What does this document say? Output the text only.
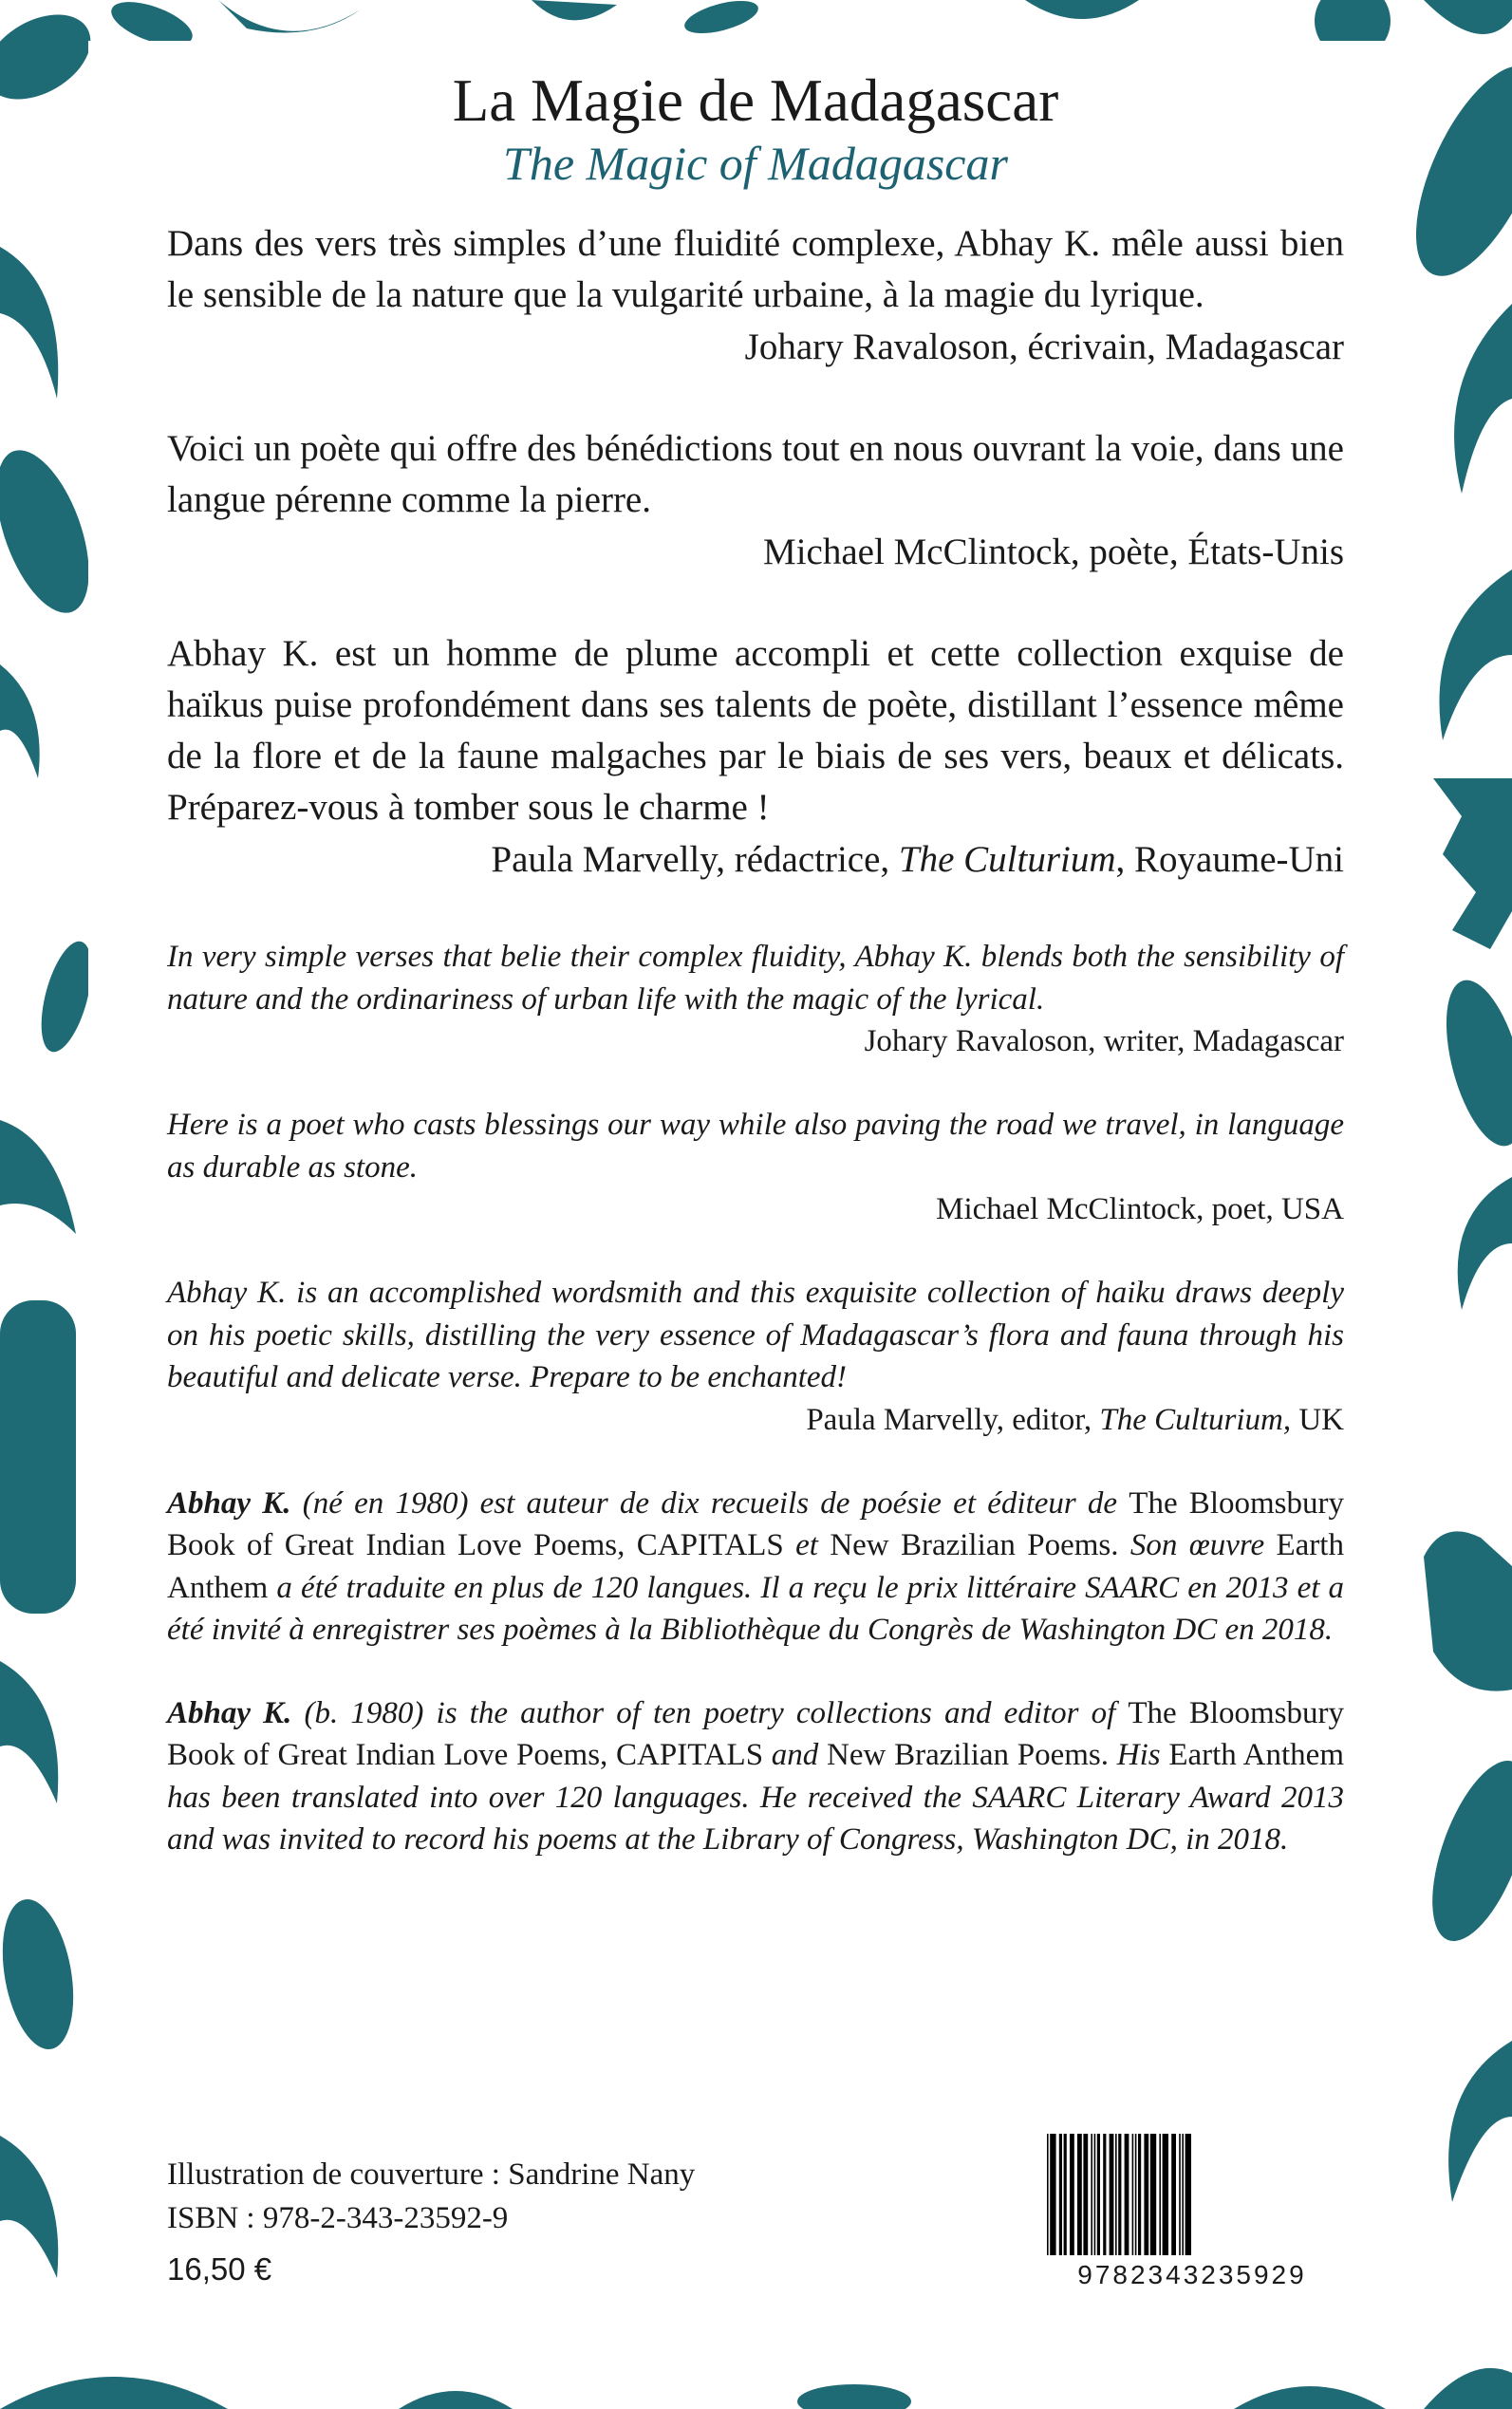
La Magie de Madagascar
The Magic of Madagascar

Dans des vers très simples d’une fluidité complexe, Abhay K. mêle aussi bien le sensible de la nature que la vulgarité urbaine, à la magie du lyrique.

Johary Ravaloson, écrivain, Madagascar

Voici un poète qui offre des bénédictions tout en nous ouvrant la voie, dans une langue pérenne comme la pierre.

Michael McClintock, poète, États-Unis

Abhay K. est un homme de plume accompli et cette collection exquise de haïkus puise profondément dans ses talents de poète, distillant l’essence même de la flore et de la faune malgaches par le biais de ses vers, beaux et délicats. Préparez-vous à tomber sous le charme !

Paula Marvelly, rédactrice, The Culturium, Royaume-Uni

In very simple verses that belie their complex fluidity, Abhay K. blends both the sensibility of nature and the ordinariness of urban life with the magic of the lyrical.

Johary Ravaloson, writer, Madagascar

Here is a poet who casts blessings our way while also paving the road we travel, in language as durable as stone.

Michael McClintock, poet, USA

Abhay K. is an accomplished wordsmith and this exquisite collection of haiku draws deeply on his poetic skills, distilling the very essence of Madagascar’s flora and fauna through his beautiful and delicate verse. Prepare to be enchanted!

Paula Marvelly, editor, The Culturium, UK

Abhay K. (né en 1980) est auteur de dix recueils de poésie et éditeur de The Bloomsbury Book of Great Indian Love Poems, CAPITALS et New Brazilian Poems. Son œuvre Earth Anthem a été traduite en plus de 120 langues. Il a reçu le prix littéraire SAARC en 2013 et a été invité à enregistrer ses poèmes à la Bibliothèque du Congrès de Washington DC en 2018.

Abhay K. (b. 1980) is the author of ten poetry collections and editor of The Bloomsbury Book of Great Indian Love Poems, CAPITALS and New Brazilian Poems. His Earth Anthem has been translated into over 120 languages. He received the SAARC Literary Award 2013 and was invited to record his poems at the Library of Congress, Washington DC, in 2018.

Illustration de couverture : Sandrine Nany
ISBN : 978-2-343-23592-9
16,50 €	9782343235929
